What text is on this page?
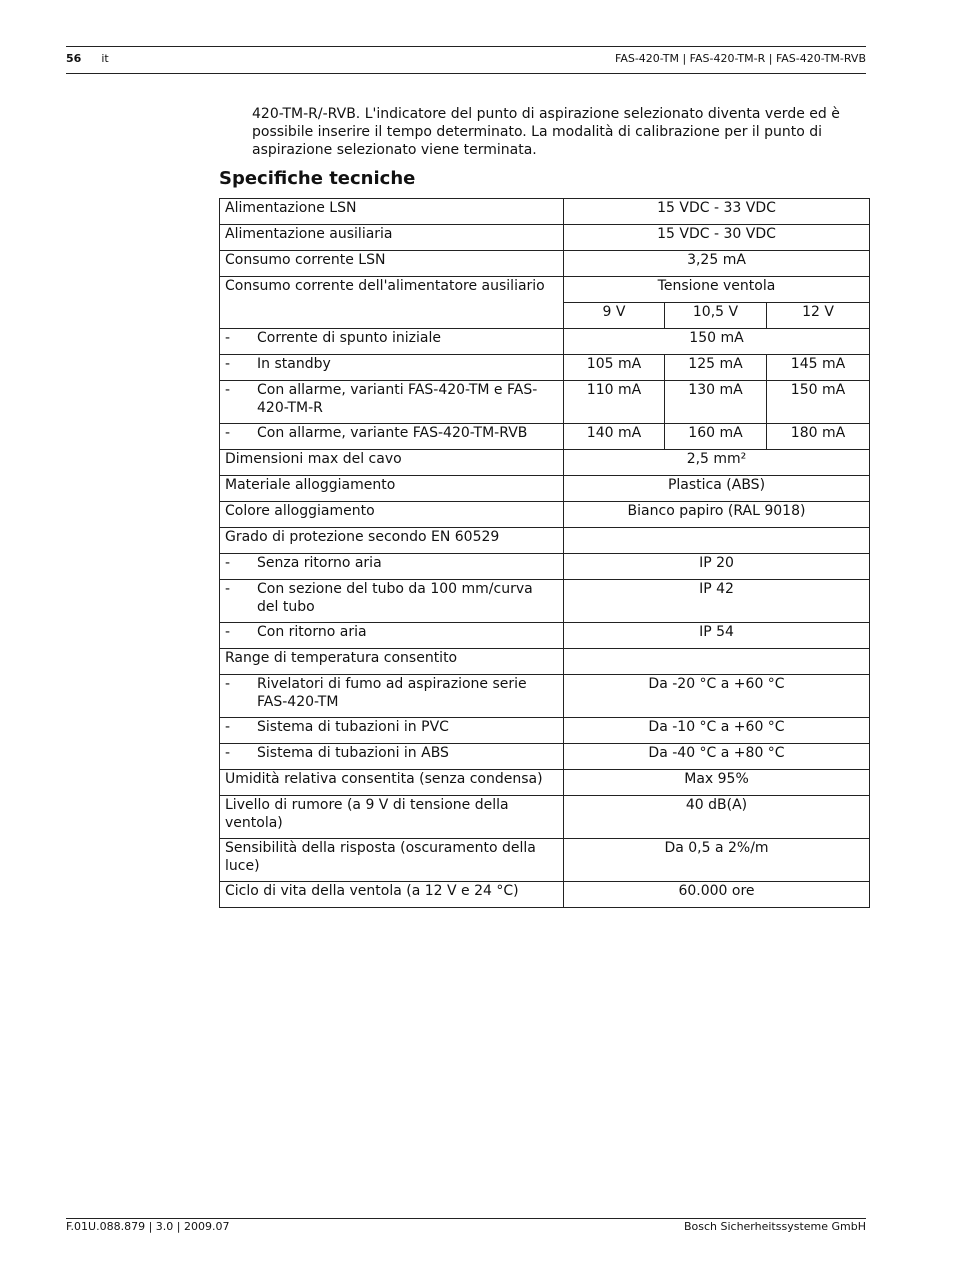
56 it	FAS-420-TM | FAS-420-TM-R | FAS-420-TM-RVB
420-TM-R/-RVB. L'indicatore del punto di aspirazione selezionato diventa verde ed è possibile inserire il tempo determinato. La modalità di calibrazione per il punto di aspirazione selezionato viene terminata.
Specifiche tecniche
Alimentazione LSN	15 VDC - 33 VDC		
Alimentazione ausiliaria	15 VDC - 30 VDC		
Consumo corrente LSN	3,25 mA		
Consumo corrente dell'alimentatore ausiliario	Tensione ventola		
	9 V	10,5 V	12 V

- Corrente di spunto iniziale	150 mA		

- In standby	105 mA	125 mA	145 mA

- Con allarme, varianti FAS-420-TM e FAS-420-TM-R	110 mA	130 mA	150 mA

- Con allarme, variante FAS-420-TM-RVB	140 mA	160 mA	180 mA
Dimensioni max del cavo	2,5 mm²		
Materiale alloggiamento	Plastica (ABS)		
Colore alloggiamento	Bianco papiro (RAL 9018)		
Grado di protezione secondo EN 60529			

- Senza ritorno aria	IP 20		

- Con sezione del tubo da 100 mm/curva del tubo	IP 42		

- Con ritorno aria	IP 54		
Range di temperatura consentito			

- Rivelatori di fumo ad aspirazione serie FAS-420-TM	Da -20 °C a +60 °C		

- Sistema di tubazioni in PVC	Da -10 °C a +60 °C		

- Sistema di tubazioni in ABS	Da -40 °C a +80 °C		
Umidità relativa consentita (senza condensa)	Max 95%		
Livello di rumore (a 9 V di tensione della ventola)	40 dB(A)		
Sensibilità della risposta (oscuramento della luce)	Da 0,5 a 2%/m		
Ciclo di vita della ventola (a 12 V e 24 °C)	60.000 ore		
F.01U.088.879 | 3.0 | 2009.07	Bosch Sicherheitssysteme GmbH
